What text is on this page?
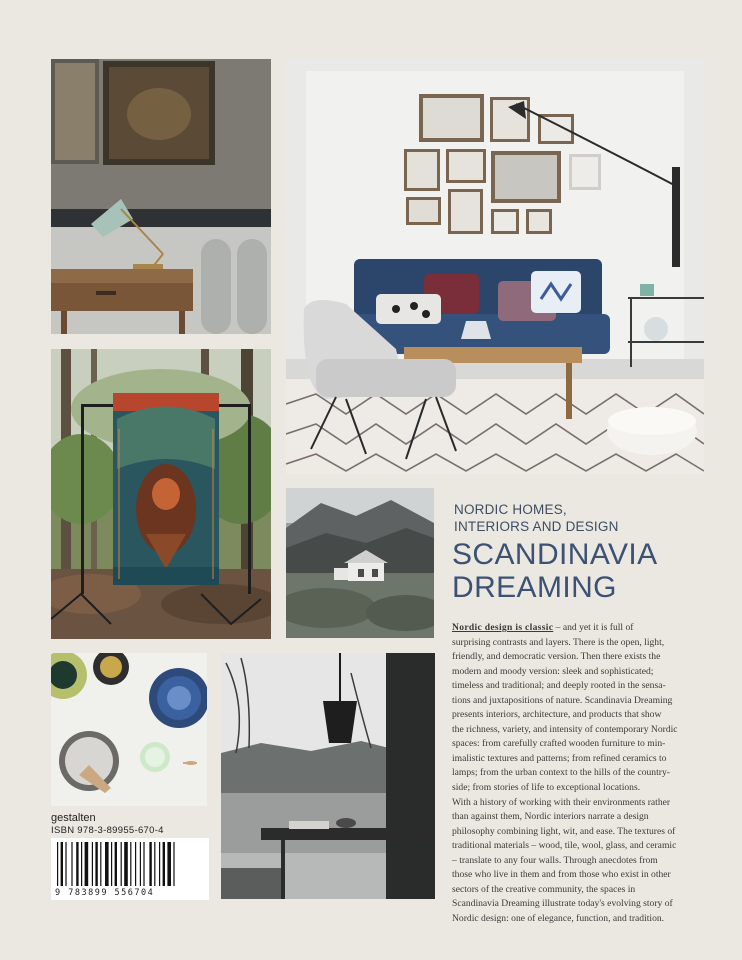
NORDIC HOMES,
INTERIORS AND DESIGN
SCANDINAVIA
DREAMING
Nordic design is classic – and yet it is full of
surprising contrasts and layers. There is the open, light,
friendly, and democratic version. Then there exists the
modern and moody version: sleek and sophisticated;
timeless and traditional; and deeply rooted in the sensa-
tions and juxtapositions of nature. Scandinavia Dreaming
presents interiors, architecture, and products that show
the richness, variety, and intensity of contemporary Nordic
spaces: from carefully crafted wooden furniture to min-
imalistic textures and patterns; from refined ceramics to
lamps; from the urban context to the hills of the country-
side; from stories of life to exceptional locations.
With a history of working with their environments rather
than against them, Nordic interiors narrate a design
philosophy combining light, wit, and ease. The textures of
traditional materials – wood, tile, wool, glass, and ceramic
– translate to any four walls. Through anecdotes from
those who live in them and from those who exist in other
sectors of the creative community, the spaces in
Scandinavia Dreaming illustrate today's evolving story of
Nordic design: one of elegance, function, and tradition.
gestalten
ISBN 978-3-89955-670-4
9 783899 556704
